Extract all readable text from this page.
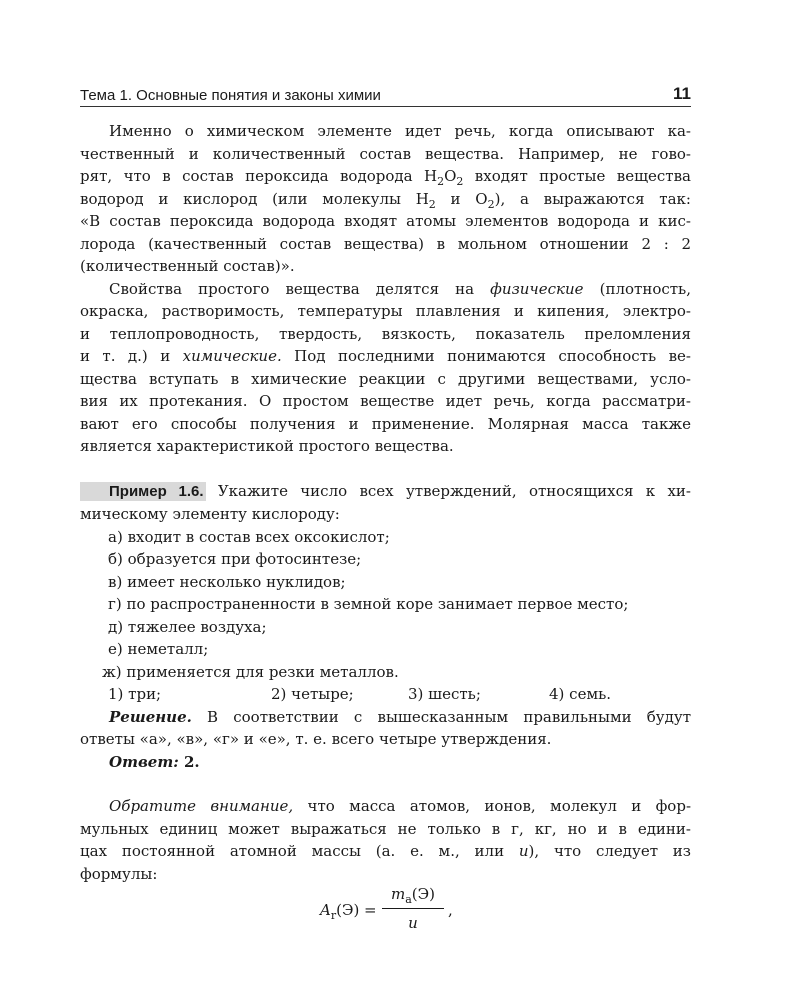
Тема 1. Основные понятия и законы химии	11
Именно о химическом элементе идет речь, когда описывают ка-
чественный и количественный состав вещества. Например, не гово-
рят, что в состав пероксида водорода $H_2O_2$ входят простые вещества
водород и кислород (или молекулы $H_2$ и $O_2$), а выражаются так:
«В состав пероксида водорода входят атомы элементов водорода и кис-
лорода (качественный состав вещества) в мольном отношении 2 : 2
(количественный состав)».
Свойства простого вещества делятся на физические (плотность,
окраска, растворимость, температуры плавления и кипения, электро-
и теплопроводность, твердость, вязкость, показатель преломления
и т. д.) и химические. Под последними понимаются способность ве-
щества вступать в химические реакции с другими веществами, усло-
вия их протекания. О простом веществе идет речь, когда рассматри-
вают его способы получения и применение. Молярная масса также
является характеристикой простого вещества.
Пример 1.6. Укажите число всех утверждений, относящихся к хи-
мическому элементу кислороду:
а) входит в состав всех оксокислот;
б) образуется при фотосинтезе;
в) имеет несколько нуклидов;
г) по распространенности в земной коре занимает первое место;
д) тяжелее воздуха;
е) неметалл;
ж) применяется для резки металлов.
1) три;	2) четыре;	3) шесть;	4) семь.
Решение. В соответствии с вышесказанным правильными будут
ответы «а», «в», «г» и «е», т. е. всего четыре утверждения.
Ответ: 2.
Обратите внимание, что масса атомов, ионов, молекул и фор-
мульных единиц может выражаться не только в г, кг, но и в едини-
цах постоянной атомной массы (а. е. м., или u), что следует из
формулы:
$A_r(Э)$ =
$m_a(Э)$
u
,
